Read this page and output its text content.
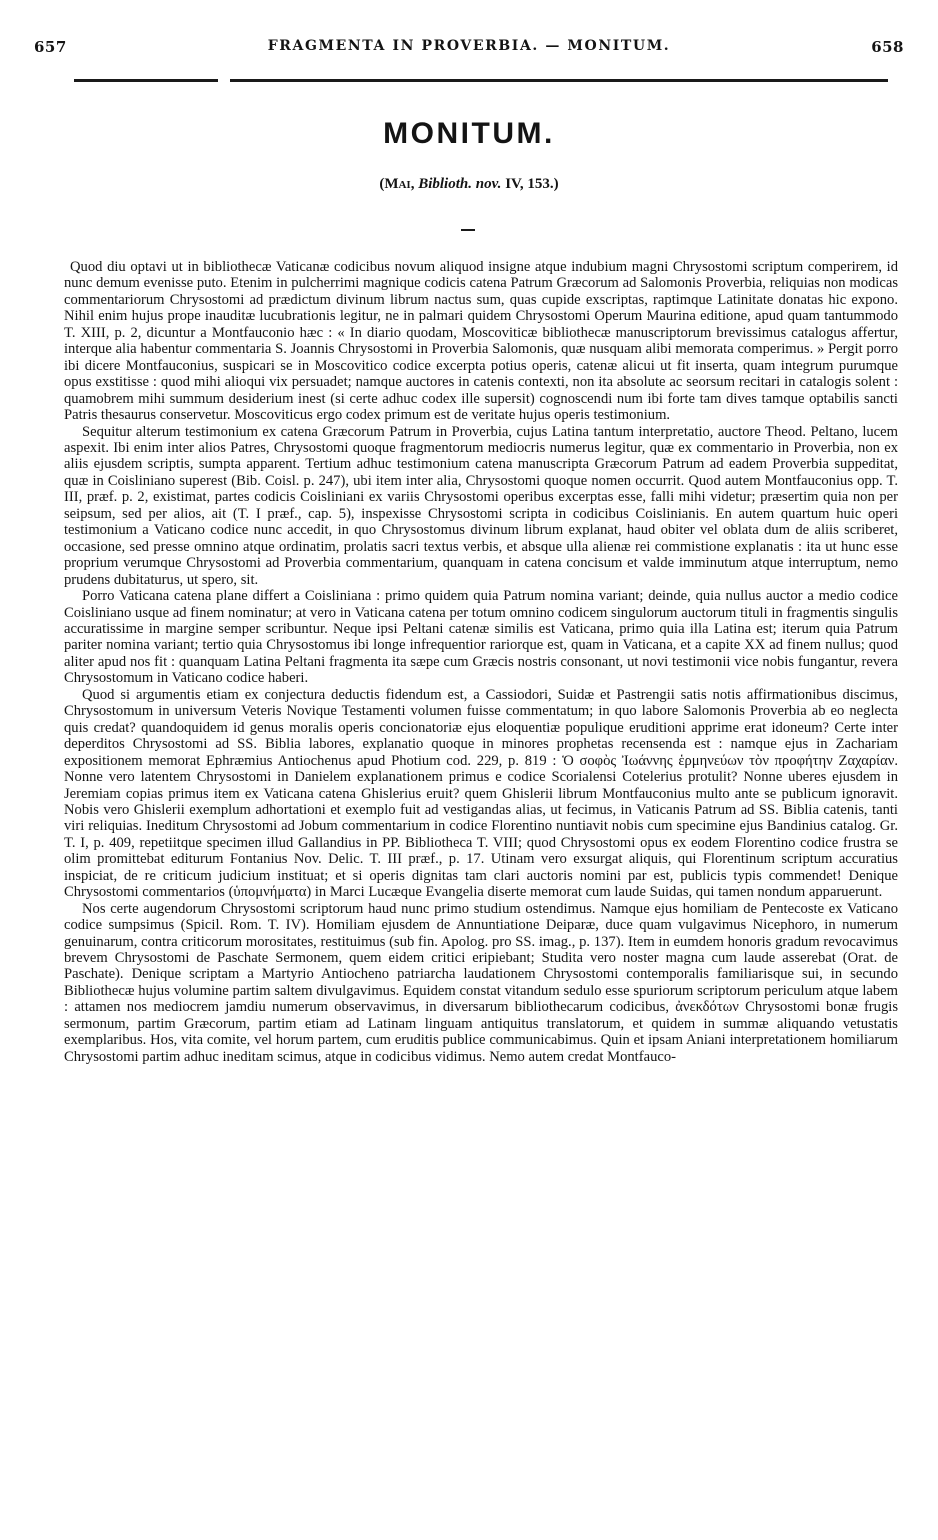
657	FRAGMENTA IN PROVERBIA. — MONITUM.	658
MONITUM.
(Mai, Biblioth. nov. IV, 153.)

Quod diu optavi ut in bibliothecæ Vaticanæ codicibus novum aliquod insigne atque indubium magni Chrysostomi scriptum comperirem, id nunc demum evenisse puto. Etenim in pulcherrimi magnique codicis catena Patrum Græcorum ad Salomonis Proverbia, reliquias non modicas commentariorum Chrysostomi ad prædictum divinum librum nactus sum, quas cupide exscriptas, raptimque Latinitate donatas hic expono. Nihil enim hujus prope inauditæ lucubrationis legitur, ne in palmari quidem Chrysostomi Operum Maurina editione, apud quam tantummodo T. XIII, p. 2, dicuntur a Montfauconio hæc : « In diario quodam, Moscoviticæ bibliothecæ manuscriptorum brevissimus catalogus affertur, interque alia habentur commentaria S. Joannis Chrysostomi in Proverbia Salomonis, quæ nusquam alibi memorata comperimus. » Pergit porro ibi dicere Montfauconius, suspicari se in Moscovitico codice excerpta potius operis, catenæ alicui ut fit inserta, quam integrum purumque opus exstitisse : quod mihi alioqui vix persuadet; namque auctores in catenis contexti, non ita absolute ac seorsum recitari in catalogis solent : quamobrem mihi summum desiderium inest (si certe adhuc codex ille supersit) cognoscendi num ibi forte tam dives tamque optabilis sancti Patris thesaurus conservetur. Moscoviticus ergo codex primum est de veritate hujus operis testimonium.

Sequitur alterum testimonium ex catena Græcorum Patrum in Proverbia, cujus Latina tantum interpretatio, auctore Theod. Peltano, lucem aspexit. Ibi enim inter alios Patres, Chrysostomi quoque fragmentorum mediocris numerus legitur, quæ ex commentario in Proverbia, non ex aliis ejusdem scriptis, sumpta apparent. Tertium adhuc testimonium catena manuscripta Græcorum Patrum ad eadem Proverbia suppeditat, quæ in Coisliniano superest (Bib. Coisl. p. 247), ubi item inter alia, Chrysostomi quoque nomen occurrit. Quod autem Montfauconius opp. T. III, præf. p. 2, existimat, partes codicis Coisliniani ex variis Chrysostomi operibus excerptas esse, falli mihi videtur; præsertim quia non per seipsum, sed per alios, ait (T. I præf., cap. 5), inspexisse Chrysostomi scripta in codicibus Coislinianis. En autem quartum huic operi testimonium a Vaticano codice nunc accedit, in quo Chrysostomus divinum librum explanat, haud obiter vel oblata dum de aliis scriberet, occasione, sed presse omnino atque ordinatim, prolatis sacri textus verbis, et absque ulla alienæ rei commistione explanatis : ita ut hunc esse proprium verumque Chrysostomi ad Proverbia commentarium, quanquam in catena concisum et valde imminutum atque interruptum, nemo prudens dubitaturus, ut spero, sit.

Porro Vaticana catena plane differt a Coisliniana : primo quidem quia Patrum nomina variant; deinde, quia nullus auctor a medio codice Coisliniano usque ad finem nominatur; at vero in Vaticana catena per totum omnino codicem singulorum auctorum tituli in fragmentis singulis accuratissime in margine semper scribuntur. Neque ipsi Peltani catenæ similis est Vaticana, primo quia illa Latina est; iterum quia Patrum pariter nomina variant; tertio quia Chrysostomus ibi longe infrequentior rariorque est, quam in Vaticana, et a capite XX ad finem nullus; quod aliter apud nos fit : quanquam Latina Peltani fragmenta ita sæpe cum Græcis nostris consonant, ut novi testimonii vice nobis fungantur, revera Chrysostomum in Vaticano codice haberi.

Quod si argumentis etiam ex conjectura deductis fidendum est, a Cassiodori, Suidæ et Pastrengii satis notis affirmationibus discimus, Chrysostomum in universum Veteris Novique Testamenti volumen fuisse commentatum; in quo labore Salomonis Proverbia ab eo neglecta quis credat? quandoquidem id genus moralis operis concionatoriæ ejus eloquentiæ populique eruditioni apprime erat idoneum? Certe inter deperditos Chrysostomi ad SS. Biblia labores, explanatio quoque in minores prophetas recensenda est : namque ejus in Zachariam expositionem memorat Ephræmius Antiochenus apud Photium cod. 229, p. 819 : Ὁ σοφὸς Ἰωάννης ἑρμηνεύων τὸν προφήτην Ζαχαρίαν. Nonne vero latentem Chrysostomi in Danielem explanationem primus e codice Scorialensi Cotelerius protulit? Nonne uberes ejusdem in Jeremiam copias primus item ex Vaticana catena Ghislerius eruit? quem Ghislerii librum Montfauconius multo ante se publicum ignoravit. Nobis vero Ghislerii exemplum adhortationi et exemplo fuit ad vestigandas alias, ut fecimus, in Vaticanis Patrum ad SS. Biblia catenis, tanti viri reliquias. Ineditum Chrysostomi ad Jobum commentarium in codice Florentino nuntiavit nobis cum specimine ejus Bandinius catalog. Gr. T. I, p. 409, repetiitque specimen illud Gallandius in PP. Bibliotheca T. VIII; quod Chrysostomi opus ex eodem Florentino codice frustra se olim promittebat editurum Fontanius Nov. Delic. T. III præf., p. 17. Utinam vero exsurgat aliquis, qui Florentinum scriptum accuratius inspiciat, de re criticum judicium instituat; et si operis dignitas tam clari auctoris nomini par est, publicis typis commendet! Denique Chrysostomi commentarios (ὑπομνήματα) in Marci Lucæque Evangelia diserte memorat cum laude Suidas, qui tamen nondum apparuerunt.

Nos certe augendorum Chrysostomi scriptorum haud nunc primo studium ostendimus. Namque ejus homiliam de Pentecoste ex Vaticano codice sumpsimus (Spicil. Rom. T. IV). Homiliam ejusdem de Annuntiatione Deiparæ, duce quam vulgavimus Nicephoro, in numerum genuinarum, contra criticorum morositates, restituimus (sub fin. Apolog. pro SS. imag., p. 137). Item in eumdem honoris gradum revocavimus brevem Chrysostomi de Paschate Sermonem, quem eidem critici eripiebant; Studita vero noster magna cum laude asserebat (Orat. de Paschate). Denique scriptam a Martyrio Antiocheno patriarcha laudationem Chrysostomi contemporalis familiarisque sui, in secundo Bibliothecæ hujus volumine partim saltem divulgavimus. Equidem constat vitandum sedulo esse spuriorum scriptorum periculum atque labem : attamen nos mediocrem jamdiu numerum observavimus, in diversarum bibliothecarum codicibus, ἀνεκδότων Chrysostomi bonæ frugis sermonum, partim Græcorum, partim etiam ad Latinam linguam antiquitus translatorum, et quidem in summæ aliquando vetustatis exemplaribus. Hos, vita comite, vel horum partem, cum eruditis publice communicabimus. Quin et ipsam Aniani interpretationem homiliarum Chrysostomi partim adhuc ineditam scimus, atque in codicibus vidimus. Nemo autem credat Montfauco-
